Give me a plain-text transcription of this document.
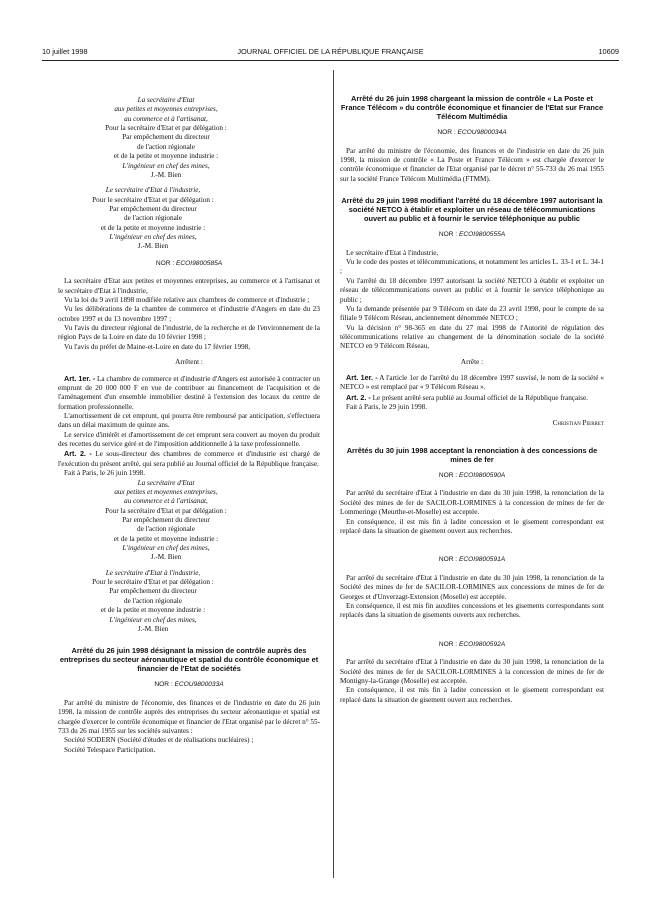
10 juillet 1998	JOURNAL OFFICIEL DE LA RÉPUBLIQUE FRANÇAISE	10609
La secrétaire d'Etat
aux petites et moyennes entreprises,
au commerce et à l'artisanat,
Pour la secrétaire d'Etat et par délégation :
Par empêchement du directeur
de l'action régionale
et de la petite et moyenne industrie :
L'ingénieur en chef des mines,
J.-M. Bien
Le secrétaire d'Etat à l'industrie,
Pour le secrétaire d'Etat et par délégation :
Par empêchement du directeur
de l'action régionale
et de la petite et moyenne industrie :
L'ingénieur en chef des mines,
J.-M. Bien
NOR : ECOI9800585A

La secrétaire d'Etat aux petites et moyennes entreprises, au commerce et à l'artisanat et le secrétaire d'Etat à l'industrie,

Vu la loi du 9 avril 1898 modifiée relative aux chambres de commerce et d'industrie ;

Vu les délibérations de la chambre de commerce et d'industrie d'Angers en date du 23 octobre 1997 et du 13 novembre 1997 ;

Vu l'avis du directeur régional de l'industrie, de la recherche et de l'environnement de la région Pays de la Loire en date du 10 février 1998 ;

Vu l'avis du préfet de Maine-et-Loire en date du 17 février 1998,

Arrêtent :

Art. 1er. - La chambre de commerce et d'industrie d'Angers est autorisée à contracter un emprunt de 20 000 000 F en vue de contribuer au financement de l'acquisition et de l'aménagement d'un ensemble immobilier destiné à l'extension des locaux du centre de formation professionnelle.

L'amortissement de cet emprunt, qui pourra être remboursé par anticipation, s'effectuera dans un délai maximum de quinze ans.

Le service d'intérêt et d'amortissement de cet emprunt sera couvert au moyen du produit des recettes du service géré et de l'imposition additionnelle à la taxe professionnelle.

Art. 2. - Le sous-directeur des chambres de commerce et d'industrie est chargé de l'exécution du présent arrêté, qui sera publié au Journal officiel de la République française.

Fait à Paris, le 26 juin 1998.

La secrétaire d'Etat
aux petites et moyennes entreprises,
au commerce et à l'artisanat,
Pour la secrétaire d'Etat et par délégation :
Par empêchement du directeur
de l'action régionale
et de la petite et moyenne industrie :
L'ingénieur en chef des mines,
J.-M. Bien
Le secrétaire d'Etat à l'industrie,
Pour le secrétaire d'Etat et par délégation :
Par empêchement du directeur
de l'action régionale
et de la petite et moyenne industrie :
L'ingénieur en chef des mines,
J.-M. Bien

Arrêté du 26 juin 1998 désignant la mission de contrôle auprès des entreprises du secteur aéronautique et spatial du contrôle économique et financier de l'Etat de sociétés

NOR : ECOU9800033A

Par arrêté du ministre de l'économie, des finances et de l'industrie en date du 26 juin 1998, la mission de contrôle auprès des entreprises du secteur aéronautique et spatial est chargée d'exercer le contrôle économique et financier de l'Etat organisé par le décret n° 55-733 du 26 mai 1955 sur les sociétés suivantes :

Société SODERN (Société d'études et de réalisations nucléaires) ;

Société Telespace Participation.

Arrêté du 26 juin 1998 chargeant la mission de contrôle « La Poste et France Télécom » du contrôle économique et financier de l'Etat sur France Télécom Multimédia

NOR : ECOU9800034A

Par arrêté du ministre de l'économie, des finances et de l'industrie en date du 26 juin 1998, la mission de contrôle « La Poste et France Télécom » est chargée d'exercer le contrôle économique et financier de l'Etat organisé par le décret n° 55-733 du 26 mai 1955 sur la société France Télécom Multimédia (FTMM).

Arrêté du 29 juin 1998 modifiant l'arrêté du 18 décembre 1997 autorisant la société NETCO à établir et exploiter un réseau de télécommunications ouvert au public et à fournir le service téléphonique au public

NOR : ECOI9800555A

Le secrétaire d'Etat à l'industrie,

Vu le code des postes et télécommunications, et notamment les articles L. 33-1 et L. 34-1 ;

Vu l'arrêté du 18 décembre 1997 autorisant la société NETCO à établir et exploiter un réseau de télécommunications ouvert au public et à fournir le service téléphonique au public ;

Vu la demande présentée par 9 Télécom en date du 23 avril 1998, pour le compte de sa filiale 9 Télécom Réseau, anciennement dénommée NETCO ;

Vu la décision n° 98-365 en date du 27 mai 1998 de l'Autorité de régulation des télécommunications relative au changement de la dénomination sociale de la société NETCO en 9 Télécom Réseau,

Arrête :

Art. 1er. - A l'article 1er de l'arrêté du 18 décembre 1997 susvisé, le nom de la société « NETCO » est remplacé par « 9 Télécom Réseau ».

Art. 2. - Le présent arrêté sera publié au Journal officiel de la République française.

Fait à Paris, le 29 juin 1998.

Christian Pierret

Arrêtés du 30 juin 1998 acceptant la renonciation à des concessions de mines de fer

NOR : ECOI9800590A

Par arrêté du secrétaire d'Etat à l'industrie en date du 30 juin 1998, la renonciation de la Société des mines de fer de SACILOR-LORMINES à la concession de mines de fer de Lommeringe (Meurthe-et-Moselle) est acceptée.

En conséquence, il est mis fin à ladite concession et le gisement correspondant est replacé dans la situation de gisement ouvert aux recherches.

NOR : ECOI9800591A

Par arrêté du secrétaire d'Etat à l'industrie en date du 30 juin 1998, la renonciation de la Société des mines de fer de SACILOR-LORMINES aux concessions de mines de fer de Georges et d'Unverzagt-Extension (Moselle) est acceptée.

En conséquence, il est mis fin auxdites concessions et les gisements correspondants sont replacés dans la situation de gisements ouverts aux recherches.

NOR : ECOI9800592A

Par arrêté du secrétaire d'Etat à l'industrie en date du 30 juin 1998, la renonciation de la Société des mines de fer de SACILOR-LORMINES à la concession de mines de fer de Montigny-la-Grange (Moselle) est acceptée.

En conséquence, il est mis fin à ladite concession et le gisement correspondant est replacé dans la situation de gisement ouvert aux recherches.
